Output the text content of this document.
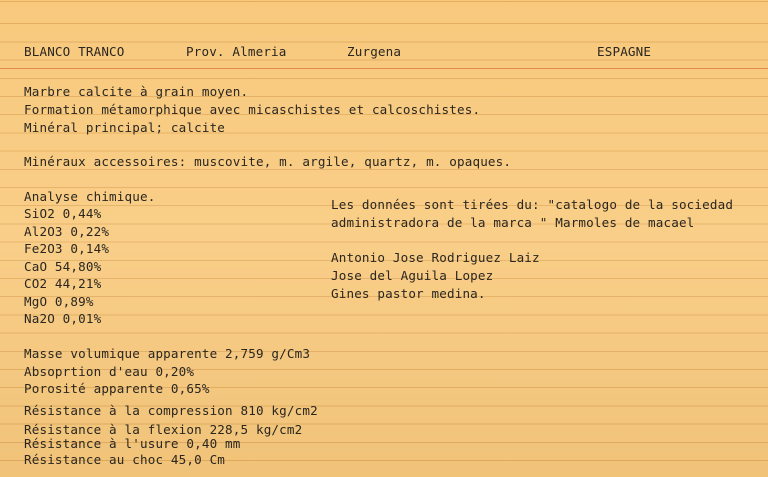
BLANCO TRANCO	Prov. Almeria	Zurgena	ESPAGNE
Marbre calcite à grain moyen.
Formation métamorphique avec micaschistes et calcoschistes.
Minéral principal; calcite
Minéraux accessoires: muscovite, m. argile, quartz, m. opaques.
Analyse chimique.
SiO2 0,44%
Al2O3 0,22%
Fe2O3 0,14%
CaO 54,80%
CO2 44,21%
MgO 0,89%
Na2O 0,01%
Les données sont tirées du: "catalogo de la sociedad
administradora de la marca " Marmoles de macael
Antonio Jose Rodriguez Laiz
Jose del Aguila Lopez
Gines pastor medina.
Masse volumique apparente 2,759 g/Cm3
Absoprtion d'eau 0,20%
Porosité apparente 0,65%
Résistance à la compression 810 kg/cm2
Résistance à la flexion 228,5 kg/cm2
Résistance à l'usure 0,40 mm
Résistance au choc 45,0 Cm
